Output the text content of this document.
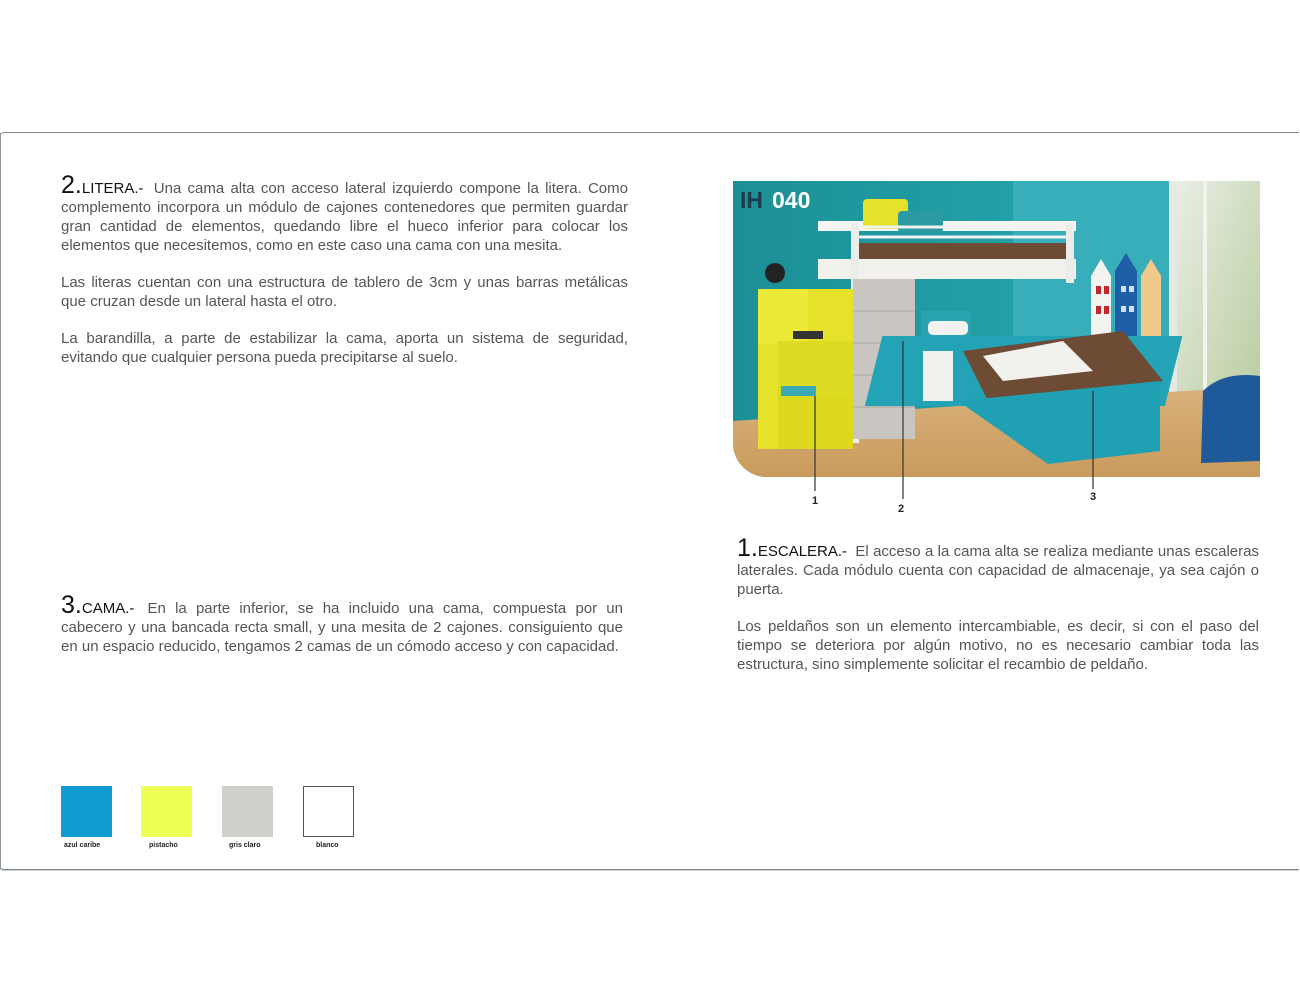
2.LITERA.- Una cama alta con acceso lateral izquierdo compone la litera. Como complemento incorpora un módulo de cajones contenedores que permiten guardar gran cantidad de elementos, quedando libre el hueco inferior para colocar los elementos que necesitemos, como en este caso una cama con una mesita.

Las literas cuentan con una estructura de tablero de 3cm y unas barras metálicas que cruzan desde un lateral hasta el otro.

La barandilla, a parte de estabilizar la cama, aporta un sistema de seguridad, evitando que cualquier persona pueda precipitarse al suelo.

3.CAMA.- En la parte inferior, se ha incluido una cama, compuesta por un cabecero y una bancada recta small, y una mesita de 2 cajones. consiguiento que en un espacio reducido, tengamos 2 camas de un cómodo acceso y con capacidad.

1.ESCALERA.- El acceso a la cama alta se realiza mediante unas escaleras laterales. Cada módulo cuenta con capacidad de almacenaje, ya sea cajón o puerta.

Los peldaños son un elemento intercambiable, es decir, si con el paso del tiempo se deteriora por algún motivo, no es necesario cambiar toda las estructura, sino simplemente solicitar el recambio de peldaño.

IH 040
1
2
3
azul caribe	pistacho	gris claro	blanco
